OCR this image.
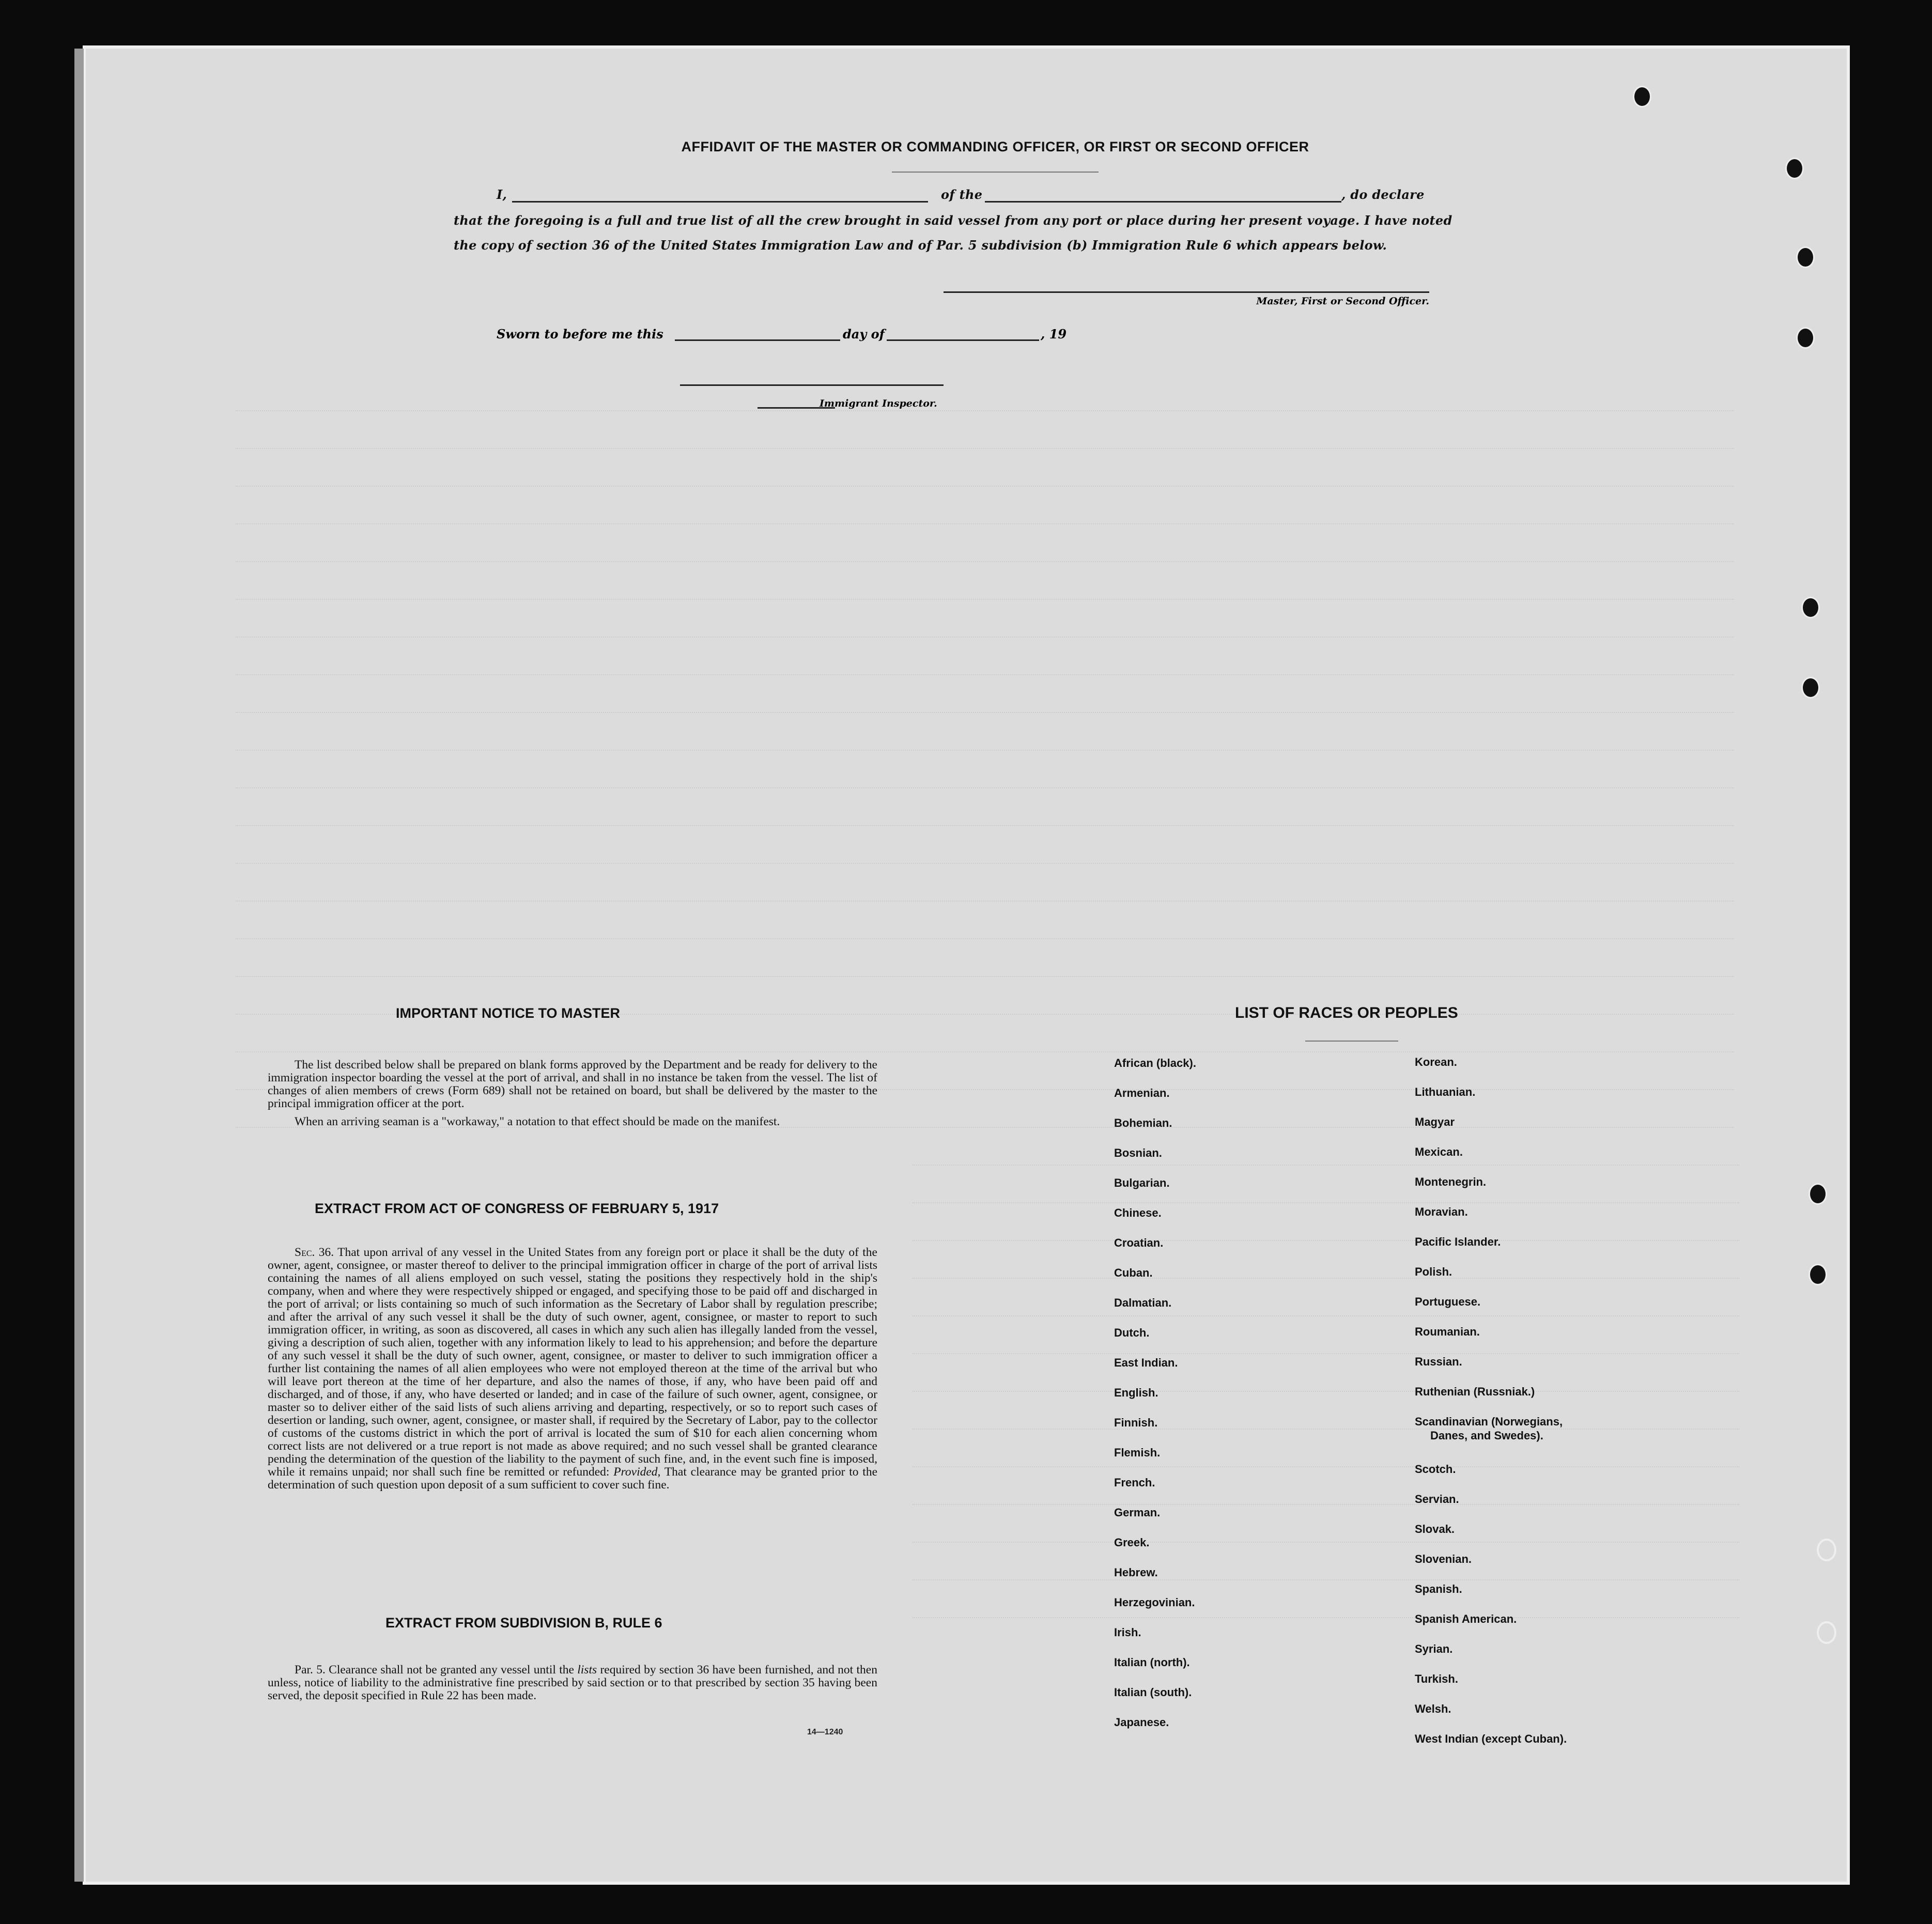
AFFIDAVIT OF THE MASTER OR COMMANDING OFFICER, OR FIRST OR SECOND OFFICER
I,	of the	, do declare
that the foregoing is a full and true list of all the crew brought in said vessel from any port or place during her present voyage. I have noted
the copy of section 36 of the United States Immigration Law and of Par. 5 subdivision (b) Immigration Rule 6 which appears below.
Master, First or Second Officer.
Sworn to before me this	day of	, 19
Immigrant Inspector.
IMPORTANT NOTICE TO MASTER

The list described below shall be prepared on blank forms approved by the Department and be ready for delivery to the immigration inspector boarding the vessel at the port of arrival, and shall in no instance be taken from the vessel. The list of changes of alien members of crews (Form 689) shall not be retained on board, but shall be delivered by the master to the principal immigration officer at the port.

When an arriving seaman is a "workaway," a notation to that effect should be made on the manifest.

EXTRACT FROM ACT OF CONGRESS OF FEBRUARY 5, 1917

Sec. 36. That upon arrival of any vessel in the United States from any foreign port or place it shall be the duty of the owner, agent, consignee, or master thereof to deliver to the principal immigration officer in charge of the port of arrival lists containing the names of all aliens employed on such vessel, stating the positions they respectively hold in the ship's company, when and where they were respectively shipped or engaged, and specifying those to be paid off and discharged in the port of arrival; or lists containing so much of such information as the Secretary of Labor shall by regulation prescribe; and after the arrival of any such vessel it shall be the duty of such owner, agent, consignee, or master to report to such immigration officer, in writing, as soon as discovered, all cases in which any such alien has illegally landed from the vessel, giving a description of such alien, together with any information likely to lead to his apprehension; and before the departure of any such vessel it shall be the duty of such owner, agent, consignee, or master to deliver to such immigration officer a further list containing the names of all alien employees who were not employed thereon at the time of the arrival but who will leave port thereon at the time of her departure, and also the names of those, if any, who have been paid off and discharged, and of those, if any, who have deserted or landed; and in case of the failure of such owner, agent, consignee, or master so to deliver either of the said lists of such aliens arriving and departing, respectively, or so to report such cases of desertion or landing, such owner, agent, consignee, or master shall, if required by the Secretary of Labor, pay to the collector of customs of the customs district in which the port of arrival is located the sum of $10 for each alien concerning whom correct lists are not delivered or a true report is not made as above required; and no such vessel shall be granted clearance pending the determination of the question of the liability to the payment of such fine, and, in the event such fine is imposed, while it remains unpaid; nor shall such fine be remitted or refunded: Provided, That clearance may be granted prior to the determination of such question upon deposit of a sum sufficient to cover such fine.

EXTRACT FROM SUBDIVISION B, RULE 6

Par. 5. Clearance shall not be granted any vessel until the lists required by section 36 have been furnished, and not then unless, notice of liability to the administrative fine prescribed by said section or to that prescribed by section 35 having been served, the deposit specified in Rule 22 has been made.

14—1240
LIST OF RACES OR PEOPLES
African (black).
Armenian.
Bohemian.
Bosnian.
Bulgarian.
Chinese.
Croatian.
Cuban.
Dalmatian.
Dutch.
East Indian.
English.
Finnish.
Flemish.
French.
German.
Greek.
Hebrew.
Herzegovinian.
Irish.
Italian (north).
Italian (south).
Japanese.
Korean.
Lithuanian.
Magyar
Mexican.
Montenegrin.
Moravian.
Pacific Islander.
Polish.
Portuguese.
Roumanian.
Russian.
Ruthenian (Russniak.)
Scandinavian (Norwegians,
Danes, and Swedes).
Scotch.
Servian.
Slovak.
Slovenian.
Spanish.
Spanish American.
Syrian.
Turkish.
Welsh.
West Indian (except Cuban).
